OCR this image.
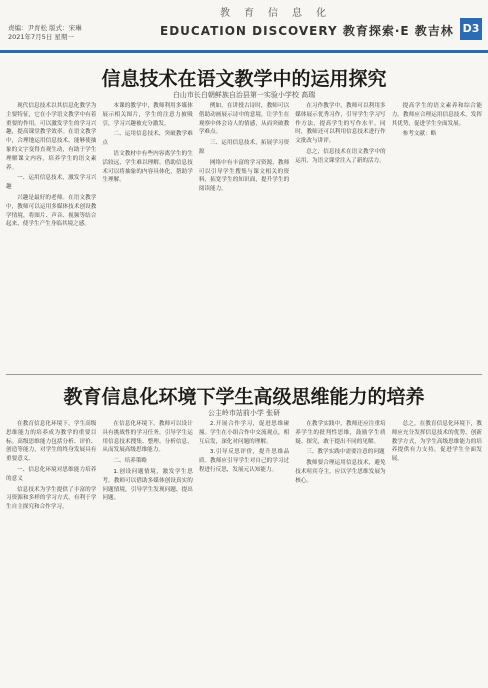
教育信息化
责编：尹育松 版式：宋琳
2021年7月5日 星期一	EDUCATION DISCOVERY 教育探索·E 教吉林 D3
信息技术在语文教学中的运用探究
白山市长白朝鲜族自治县第一实验小学校 高瑞

现代信息技术以其信息化教学为主要特征，它在小学语文教学中有着重要的作用。可以激发学生的学习兴趣，提高课堂教学效率。在语文教学中，合理地运用信息技术，能够使抽象的文字变得直观生动，有助于学生理解课文内容，培养学生的语文素养。

一、运用信息技术，激发学习兴趣

兴趣是最好的老师。在语文教学中，教师可以运用多媒体技术创设教学情境，将图片、声音、视频等结合起来，使学生产生身临其境之感。

本课的教学中，教师利用多媒体展示相关图片，学生的注意力被吸引，学习兴趣被充分激发。

二、运用信息技术，突破教学难点

语文教材中有些内容离学生的生活较远，学生难以理解。借助信息技术可以将抽象的内容具体化，帮助学生理解。

例如，在讲授古诗时，教师可以借助动画展示诗中的意境，让学生在观察中体会诗人的情感，从而突破教学难点。

三、运用信息技术，拓展学习资源

网络中有丰富的学习资源，教师可以引导学生搜集与课文相关的资料，拓宽学生的知识面，提升学生的阅读能力。

在习作教学中，教师可以利用多媒体展示优秀习作，引导学生学习写作方法，提高学生的写作水平。同时，教师还可以利用信息技术进行作文批改与讲评。

总之，信息技术在语文教学中的运用，为语文课堂注入了新的活力。

提高学生的语文素养和综合能力。教师应合理运用信息技术，发挥其优势，促进学生全面发展。

参考文献：略

教育信息化环境下学生高级思维能力的培养
公主岭市站前小学 张研

在教育信息化环境下，学生高级思维能力的培养成为教学的重要目标。高级思维能力包括分析、评价、创造等能力，对学生的终身发展具有重要意义。

一、信息化环境对思维能力培养的意义

信息技术为学生提供了丰富的学习资源和多样的学习方式，有利于学生自主探究和合作学习。

在信息化环境下，教师可以设计具有挑战性的学习任务，引导学生运用信息技术搜集、整理、分析信息，从而发展高级思维能力。

二、培养策略

1.创设问题情境，激发学生思考。教师可以借助多媒体创设真实的问题情境，引导学生发现问题、提出问题。

2.开展合作学习，促进思维碰撞。学生在小组合作中交流观点，相互启发，深化对问题的理解。

3.引导反思评价，提升思维品质。教师应引导学生对自己的学习过程进行反思，发展元认知能力。

在教学实践中，教师还应注重培养学生的批判性思维，鼓励学生质疑、探究，敢于提出不同的见解。

三、教学实践中需要注意的问题

教师要合理运用信息技术，避免技术喧宾夺主，应以学生思维发展为核心。

总之，在教育信息化环境下，教师应充分发挥信息技术的优势，创新教学方式，为学生高级思维能力的培养提供有力支持，促进学生全面发展。
